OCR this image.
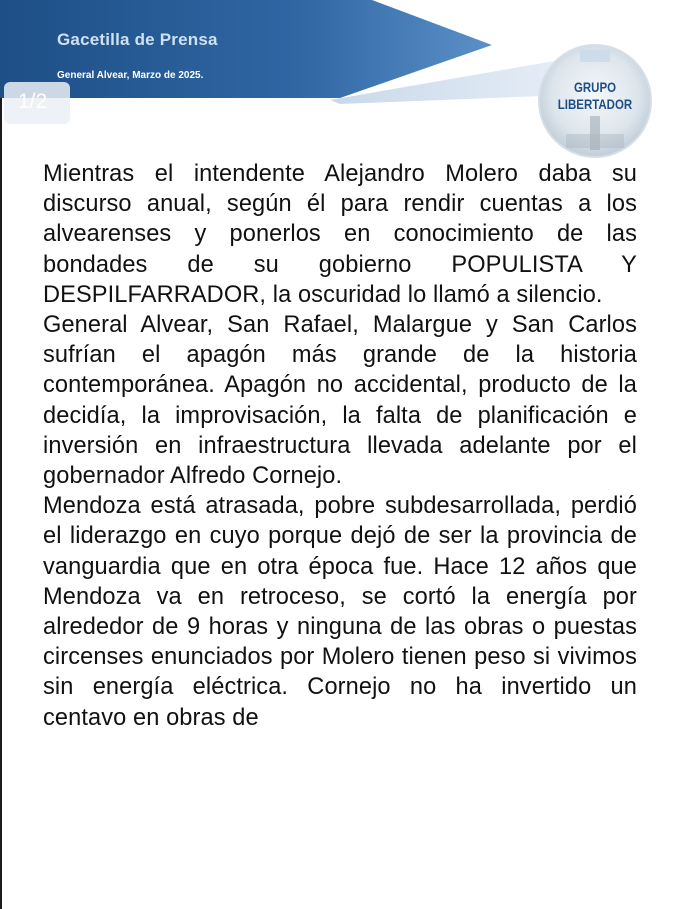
Gacetilla de Prensa
General Alvear, Marzo de 2025.
1/2
GRUPO
LIBERTADOR

Mientras el intendente Alejandro Molero daba su discurso anual, según él para rendir cuentas a los alvearenses y ponerlos en conocimiento de las bondades de su gobierno POPULISTA Y DESPILFARRADOR, la oscuridad lo llamó a silencio.

General Alvear, San Rafael, Malargue y San Carlos sufrían el apagón más grande de la historia contemporánea. Apagón no accidental, producto de la decidía, la improvisación, la falta de planificación e inversión en infraestructura llevada adelante por el gobernador Alfredo Cornejo.

Mendoza está atrasada, pobre subdesarrollada, perdió el liderazgo en cuyo porque dejó de ser la provincia de vanguardia que en otra época fue. Hace 12 años que Mendoza va en retroceso, se cortó la energía por alrededor de 9 horas y ninguna de las obras o puestas circenses enunciados por Molero tienen peso si vivimos sin energía eléctrica. Cornejo no ha invertido un centavo en obras de
